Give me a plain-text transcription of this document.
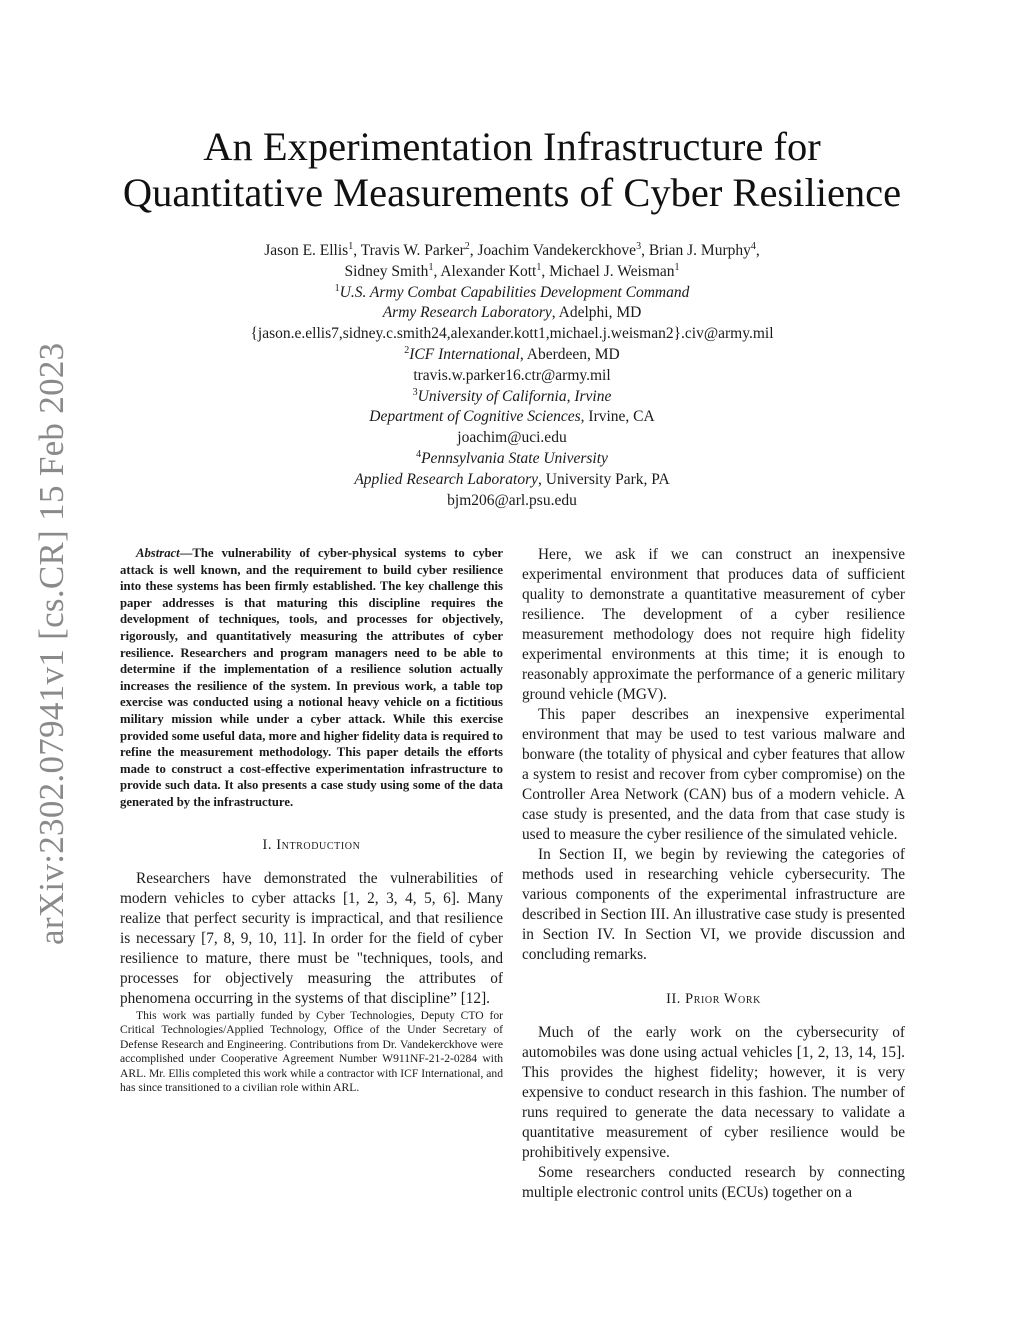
arXiv:2302.07941v1 [cs.CR] 15 Feb 2023
An Experimentation Infrastructure for
Quantitative Measurements of Cyber Resilience
Jason E. Ellis$^1$, Travis W. Parker$^2$, Joachim Vandekerckhove$^3$, Brian J. Murphy$^4$,
Sidney Smith$^1$, Alexander Kott$^1$, Michael J. Weisman$^1$
$^1$U.S. Army Combat Capabilities Development Command
Army Research Laboratory, Adelphi, MD
{jason.e.ellis7,sidney.c.smith24,alexander.kott1,michael.j.weisman2}.civ@army.mil
$^2$ICF International, Aberdeen, MD
travis.w.parker16.ctr@army.mil
$^3$University of California, Irvine
Department of Cognitive Sciences, Irvine, CA
joachim@uci.edu
$^4$Pennsylvania State University
Applied Research Laboratory, University Park, PA
bjm206@arl.psu.edu

Abstract—The vulnerability of cyber-physical systems to cyber attack is well known, and the requirement to build cyber resilience into these systems has been firmly established. The key challenge this paper addresses is that maturing this discipline requires the development of techniques, tools, and processes for objectively, rigorously, and quantitatively measuring the attributes of cyber resilience. Researchers and program managers need to be able to determine if the implementation of a resilience solution actually increases the resilience of the system. In previous work, a table top exercise was conducted using a notional heavy vehicle on a fictitious military mission while under a cyber attack. While this exercise provided some useful data, more and higher fidelity data is required to refine the measurement methodology. This paper details the efforts made to construct a cost-effective experimentation infrastructure to provide such data. It also presents a case study using some of the data generated by the infrastructure.

I. Introduction

Researchers have demonstrated the vulnerabilities of modern vehicles to cyber attacks [1, 2, 3, 4, 5, 6]. Many realize that perfect security is impractical, and that resilience is necessary [7, 8, 9, 10, 11]. In order for the field of cyber resilience to mature, there must be "techniques, tools, and processes for objectively measuring the attributes of phenomena occurring in the systems of that discipline” [12].

This work was partially funded by Cyber Technologies, Deputy CTO for Critical Technologies/Applied Technology, Office of the Under Secretary of Defense Research and Engineering. Contributions from Dr. Vandekerckhove were accomplished under Cooperative Agreement Number W911NF-21-2-0284 with ARL. Mr. Ellis completed this work while a contractor with ICF International, and has since transitioned to a civilian role within ARL.

Here, we ask if we can construct an inexpensive experimental environment that produces data of sufficient quality to demonstrate a quantitative measurement of cyber resilience. The development of a cyber resilience measurement methodology does not require high fidelity experimental environments at this time; it is enough to reasonably approximate the performance of a generic military ground vehicle (MGV).

This paper describes an inexpensive experimental environment that may be used to test various malware and bonware (the totality of physical and cyber features that allow a system to resist and recover from cyber compromise) on the Controller Area Network (CAN) bus of a modern vehicle. A case study is presented, and the data from that case study is used to measure the cyber resilience of the simulated vehicle.

In Section II, we begin by reviewing the categories of methods used in researching vehicle cybersecurity. The various components of the experimental infrastructure are described in Section III. An illustrative case study is presented in Section IV. In Section VI, we provide discussion and concluding remarks.

II. Prior Work

Much of the early work on the cybersecurity of automobiles was done using actual vehicles [1, 2, 13, 14, 15]. This provides the highest fidelity; however, it is very expensive to conduct research in this fashion. The number of runs required to generate the data necessary to validate a quantitative measurement of cyber resilience would be prohibitively expensive.

Some researchers conducted research by connecting multiple electronic control units (ECUs) together on a
